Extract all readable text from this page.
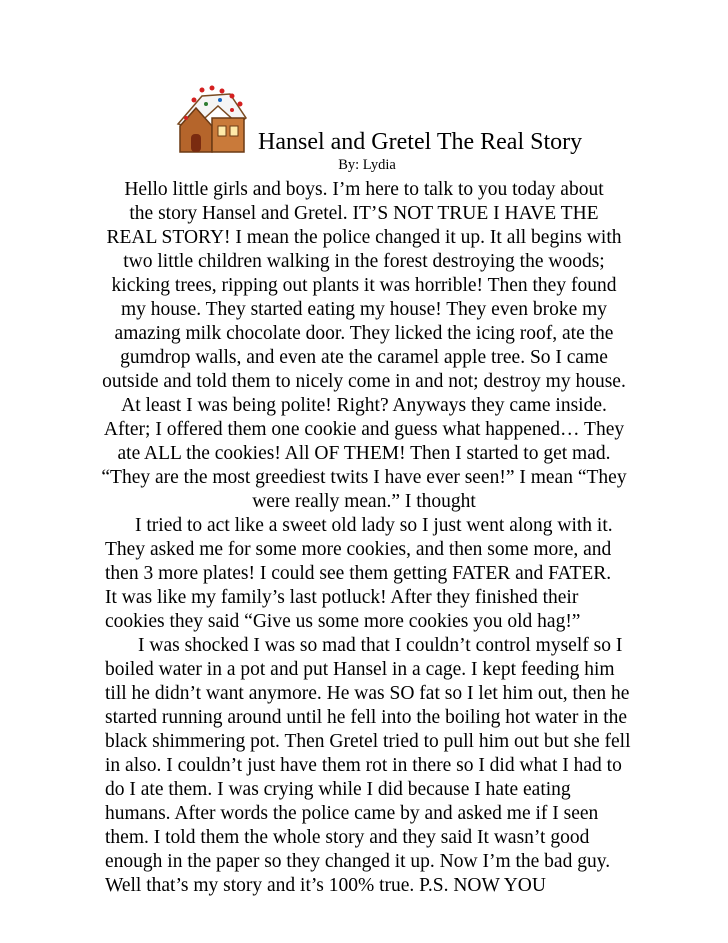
Hansel and Gretel The Real Story
By: Lydia
Hello little girls and boys. I’m here to talk to you today about
the story Hansel and Gretel. IT’S NOT TRUE I HAVE THE
REAL STORY! I mean the police changed it up. It all begins with
two little children walking in the forest destroying the woods;
kicking trees, ripping out plants it was horrible! Then they found
my house. They started eating my house! They even broke my
amazing milk chocolate door. They licked the icing roof, ate the
gumdrop walls, and even ate the caramel apple tree. So I came
outside and told them to nicely come in and not; destroy my house.
At least I was being polite! Right? Anyways they came inside.
After; I offered them one cookie and guess what happened… They
ate ALL the cookies! All OF THEM! Then I started to get mad.
“They are the most greediest twits I have ever seen!” I mean “They
were really mean.” I thought
I tried to act like a sweet old lady so I just went along with it.
They asked me for some more cookies, and then some more, and
then 3 more plates! I could see them getting FATER and FATER.
It was like my family’s last potluck! After they finished their
cookies they said “Give us some more cookies you old hag!”
I was shocked I was so mad that I couldn’t control myself so I
boiled water in a pot and put Hansel in a cage. I kept feeding him
till he didn’t want anymore. He was SO fat so I let him out, then he
started running around until he fell into the boiling hot water in the
black shimmering pot. Then Gretel tried to pull him out but she fell
in also. I couldn’t just have them rot in there so I did what I had to
do I ate them. I was crying while I did because I hate eating
humans. After words the police came by and asked me if I seen
them. I told them the whole story and they said It wasn’t good
enough in the paper so they changed it up. Now I’m the bad guy.
Well that’s my story and it’s 100% true. P.S. NOW YOU
